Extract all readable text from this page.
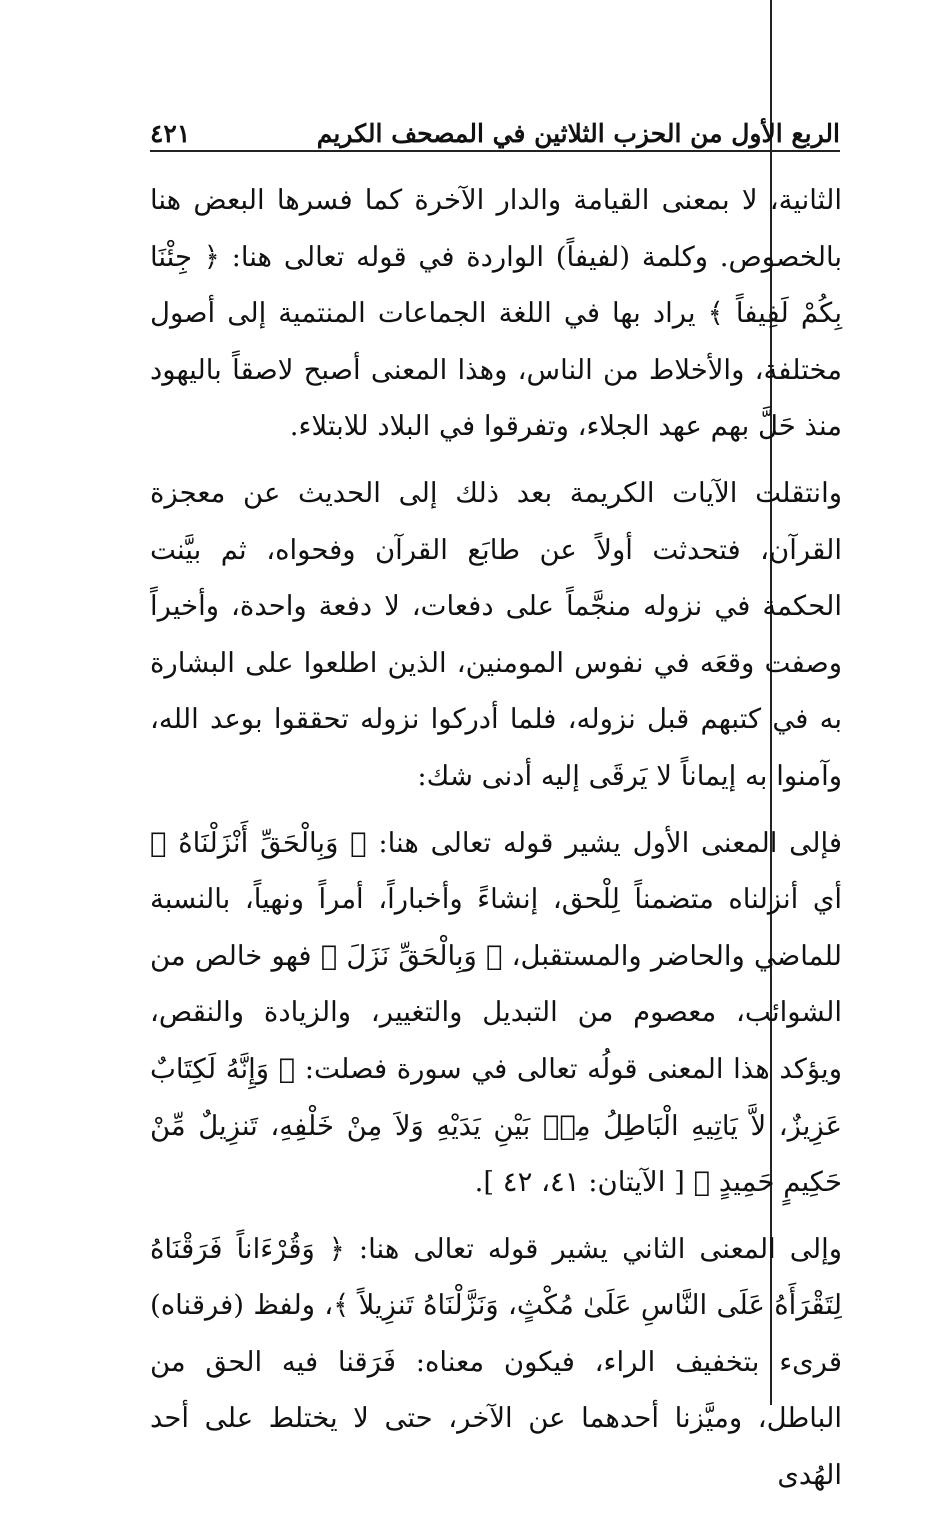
الربع الأول من الحزب الثلاثين في المصحف الكريم
٤٢١

الثانية، لا بمعنى القيامة والدار الآخرة كما فسرها البعض هنا بالخصوص. وكلمة (لفيفاً) الواردة في قوله تعالى هنا: ﴿ جِئْنَا بِكُمْ لَفِيفاً ﴾ يراد بها في اللغة الجماعات المنتمية إلى أصول مختلفة، والأخلاط من الناس، وهذا المعنى أصبح لاصقاً باليهود منذ حَلَّ بهم عهد الجلاء، وتفرقوا في البلاد للابتلاء.

وانتقلت الآيات الكريمة بعد ذلك إلى الحديث عن معجزة القرآن، فتحدثت أولاً عن طابَع القرآن وفحواه، ثم بيَّنت الحكمة في نزوله منجَّماً على دفعات، لا دفعة واحدة، وأخيراً وصفت وقعَه في نفوس المومنين، الذين اطلعوا على البشارة به في كتبهم قبل نزوله، فلما أدركوا نزوله تحققوا بوعد الله، وآمنوا به إيماناً لا يَرقَى إليه أدنى شك:

فإلى المعنى الأول يشير قوله تعالى هنا: ﴿ وَبِالْحَقِّ أَنْزَلْنَاهُ ﴾ أي أنزلناه متضمناً لِلْحق، إنشاءً وأخباراً، أمراً ونهياً، بالنسبة للماضي والحاضر والمستقبل، ﴿ وَبِالْحَقِّ نَزَلَ ﴾ فهو خالص من الشوائب، معصوم من التبديل والتغيير، والزيادة والنقص، ويؤكد هذا المعنى قولُه تعالى في سورة فصلت: ﴿ وَإِنَّهُ لَكِتَابٌ عَزِيزٌ، لاَّ يَاتِيهِ الْبَاطِلُ مِنۢ بَيْنِ يَدَيْهِ وَلاَ مِنْ خَلْفِهِ، تَنزِيلٌ مِّنْ حَكِيمٍ حَمِيدٍ ﴾ [ الآيتان: ٤١، ٤٢ ].

وإلى المعنى الثاني يشير قوله تعالى هنا: ﴿ وَقُرْءَاناً فَرَقْنَاهُ لِتَقْرَأَهُ عَلَى النَّاسِ عَلَىٰ مُكْثٍ، وَنَزَّلْنَاهُ تَنزِيلاً ﴾، ولفظ (فرقناه) قرىء بتخفيف الراء، فيكون معناه: فَرَقنا فيه الحق من الباطل، وميَّزنا أحدهما عن الآخر، حتى لا يختلط على أحد الهُدى
